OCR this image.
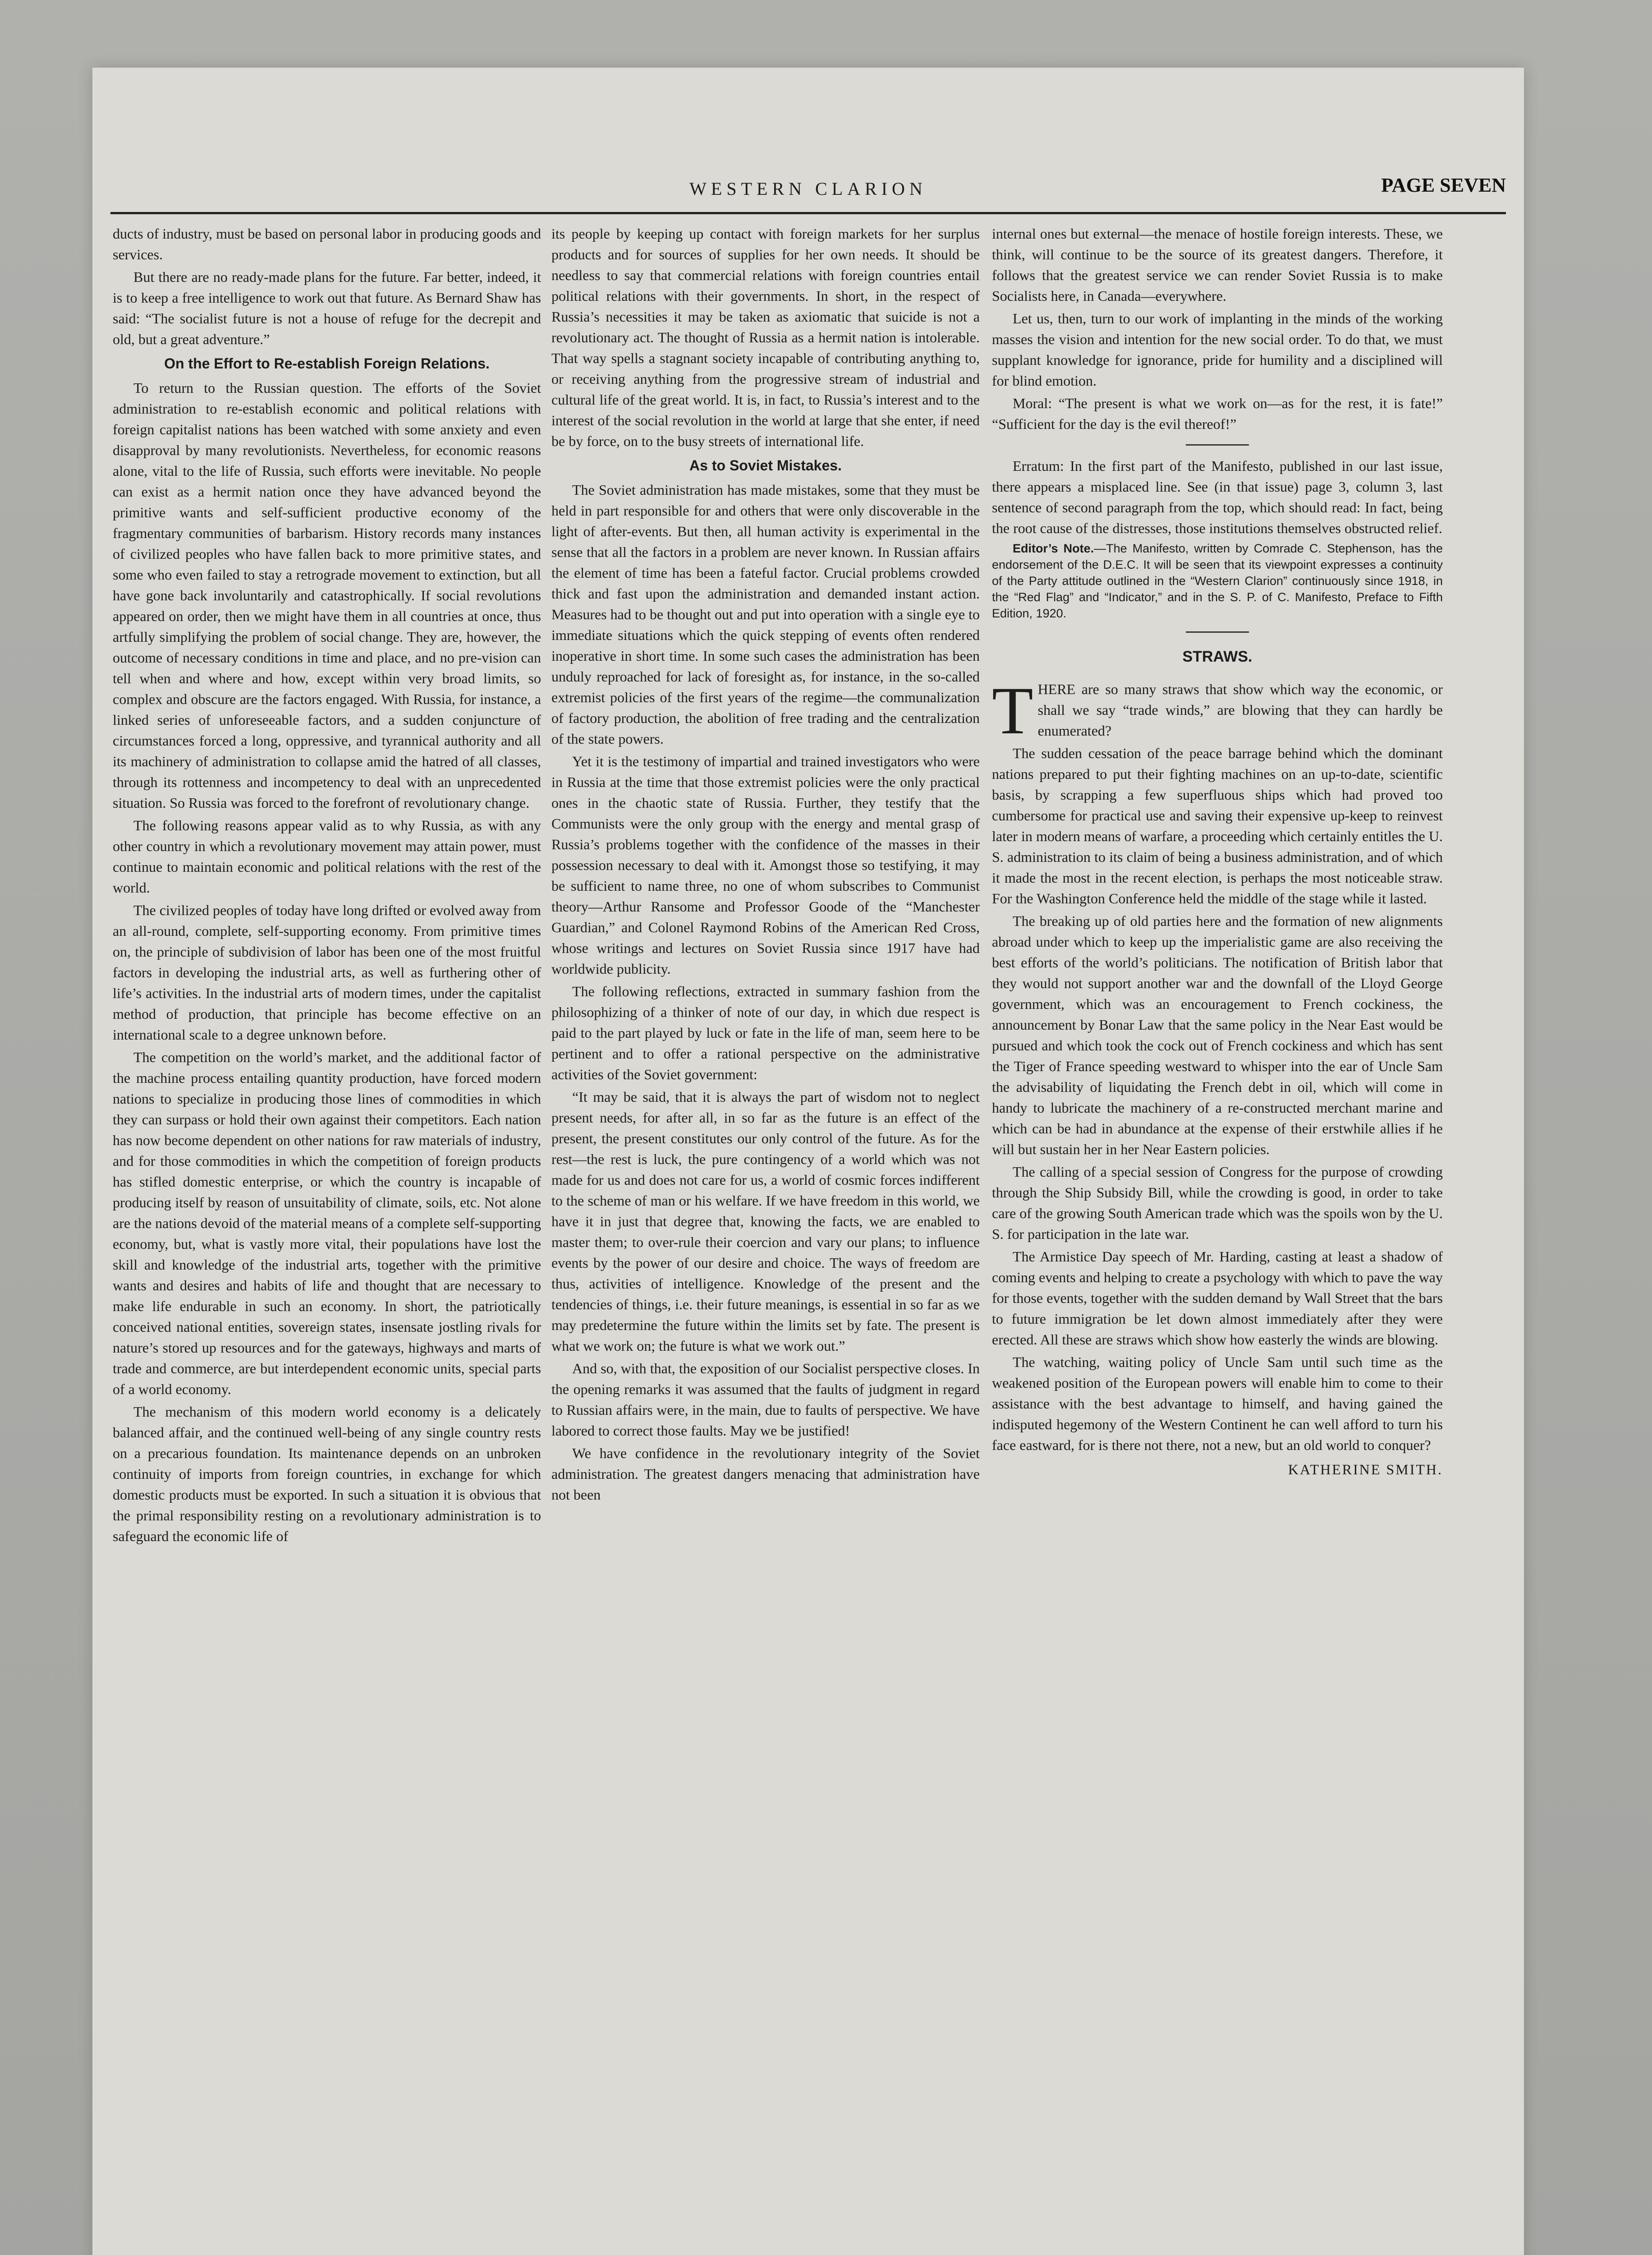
WESTERN CLARION	PAGE SEVEN

ducts of industry, must be based on personal labor in producing goods and services.

But there are no ready-made plans for the future. Far better, indeed, it is to keep a free intelligence to work out that future. As Bernard Shaw has said: “The socialist future is not a house of refuge for the decrepit and old, but a great adventure.”

On the Effort to Re-establish Foreign Relations.

To return to the Russian question. The efforts of the Soviet administration to re-establish economic and political relations with foreign capitalist nations has been watched with some anxiety and even disapproval by many revolutionists. Nevertheless, for economic reasons alone, vital to the life of Russia, such efforts were inevitable. No people can exist as a hermit nation once they have advanced beyond the primitive wants and self-sufficient productive economy of the fragmentary communities of barbarism. History records many instances of civilized peoples who have fallen back to more primitive states, and some who even failed to stay a retrograde movement to extinction, but all have gone back involuntarily and catastrophically. If social revolutions appeared on order, then we might have them in all countries at once, thus artfully simplifying the problem of social change. They are, however, the outcome of necessary conditions in time and place, and no pre-vision can tell when and where and how, except within very broad limits, so complex and obscure are the factors engaged. With Russia, for instance, a linked series of unforeseeable factors, and a sudden conjuncture of circumstances forced a long, oppressive, and tyrannical authority and all its machinery of administration to collapse amid the hatred of all classes, through its rottenness and incompetency to deal with an unprecedented situation. So Russia was forced to the forefront of revolutionary change.

The following reasons appear valid as to why Russia, as with any other country in which a revolutionary movement may attain power, must continue to maintain economic and political relations with the rest of the world.

The civilized peoples of today have long drifted or evolved away from an all-round, complete, self-supporting economy. From primitive times on, the principle of subdivision of labor has been one of the most fruitful factors in developing the industrial arts, as well as furthering other of life’s activities. In the industrial arts of modern times, under the capitalist method of production, that principle has become effective on an international scale to a degree unknown before.

The competition on the world’s market, and the additional factor of the machine process entailing quantity production, have forced modern nations to specialize in producing those lines of commodities in which they can surpass or hold their own against their competitors. Each nation has now become dependent on other nations for raw materials of industry, and for those commodities in which the competition of foreign products has stifled domestic enterprise, or which the country is incapable of producing itself by reason of unsuitability of climate, soils, etc. Not alone are the nations devoid of the material means of a complete self-supporting economy, but, what is vastly more vital, their populations have lost the skill and knowledge of the industrial arts, together with the primitive wants and desires and habits of life and thought that are necessary to make life endurable in such an economy. In short, the patriotically conceived national entities, sovereign states, insensate jostling rivals for nature’s stored up resources and for the gateways, highways and marts of trade and commerce, are but interdependent economic units, special parts of a world economy.

The mechanism of this modern world economy is a delicately balanced affair, and the continued well-being of any single country rests on a precarious foundation. Its maintenance depends on an unbroken continuity of imports from foreign countries, in exchange for which domestic products must be exported. In such a situation it is obvious that the primal responsibility resting on a revolutionary administration is to safeguard the economic life of

its people by keeping up contact with foreign markets for her surplus products and for sources of supplies for her own needs. It should be needless to say that commercial relations with foreign countries entail political relations with their governments. In short, in the respect of Russia’s necessities it may be taken as axiomatic that suicide is not a revolutionary act. The thought of Russia as a hermit nation is intolerable. That way spells a stagnant society incapable of contributing anything to, or receiving anything from the progressive stream of industrial and cultural life of the great world. It is, in fact, to Russia’s interest and to the interest of the social revolution in the world at large that she enter, if need be by force, on to the busy streets of international life.

As to Soviet Mistakes.

The Soviet administration has made mistakes, some that they must be held in part responsible for and others that were only discoverable in the light of after-events. But then, all human activity is experimental in the sense that all the factors in a problem are never known. In Russian affairs the element of time has been a fateful factor. Crucial problems crowded thick and fast upon the administration and demanded instant action. Measures had to be thought out and put into operation with a single eye to immediate situations which the quick stepping of events often rendered inoperative in short time. In some such cases the administration has been unduly reproached for lack of foresight as, for instance, in the so-called extremist policies of the first years of the regime—the communalization of factory production, the abolition of free trading and the centralization of the state powers.

Yet it is the testimony of impartial and trained investigators who were in Russia at the time that those extremist policies were the only practical ones in the chaotic state of Russia. Further, they testify that the Communists were the only group with the energy and mental grasp of Russia’s problems together with the confidence of the masses in their possession necessary to deal with it. Amongst those so testifying, it may be sufficient to name three, no one of whom subscribes to Communist theory—Arthur Ransome and Professor Goode of the “Manchester Guardian,” and Colonel Raymond Robins of the American Red Cross, whose writings and lectures on Soviet Russia since 1917 have had worldwide publicity.

The following reflections, extracted in summary fashion from the philosophizing of a thinker of note of our day, in which due respect is paid to the part played by luck or fate in the life of man, seem here to be pertinent and to offer a rational perspective on the administrative activities of the Soviet government:

“It may be said, that it is always the part of wisdom not to neglect present needs, for after all, in so far as the future is an effect of the present, the present constitutes our only control of the future. As for the rest—the rest is luck, the pure contingency of a world which was not made for us and does not care for us, a world of cosmic forces indifferent to the scheme of man or his welfare. If we have freedom in this world, we have it in just that degree that, knowing the facts, we are enabled to master them; to over-rule their coercion and vary our plans; to influence events by the power of our desire and choice. The ways of freedom are thus, activities of intelligence. Knowledge of the present and the tendencies of things, i.e. their future meanings, is essential in so far as we may predetermine the future within the limits set by fate. The present is what we work on; the future is what we work out.”

And so, with that, the exposition of our Socialist perspective closes. In the opening remarks it was assumed that the faults of judgment in regard to Russian affairs were, in the main, due to faults of perspective. We have labored to correct those faults. May we be justified!

We have confidence in the revolutionary integrity of the Soviet administration. The greatest dangers menacing that administration have not been

internal ones but external—the menace of hostile foreign interests. These, we think, will continue to be the source of its greatest dangers. Therefore, it follows that the greatest service we can render Soviet Russia is to make Socialists here, in Canada—everywhere.

Let us, then, turn to our work of implanting in the minds of the working masses the vision and intention for the new social order. To do that, we must supplant knowledge for ignorance, pride for humility and a disciplined will for blind emotion.

Moral: “The present is what we work on—as for the rest, it is fate!” “Sufficient for the day is the evil thereof!”

Erratum: In the first part of the Manifesto, published in our last issue, there appears a misplaced line. See (in that issue) page 3, column 3, last sentence of second paragraph from the top, which should read: In fact, being the root cause of the distresses, those institutions themselves obstructed relief.

Editor’s Note.—The Manifesto, written by Comrade C. Stephenson, has the endorsement of the D.E.C. It will be seen that its viewpoint expresses a continuity of the Party attitude outlined in the “Western Clarion” continuously since 1918, in the “Red Flag” and “Indicator,” and in the S. P. of C. Manifesto, Preface to Fifth Edition, 1920.

STRAWS.

THERE are so many straws that show which way the economic, or shall we say “trade winds,” are blowing that they can hardly be enumerated?

The sudden cessation of the peace barrage behind which the dominant nations prepared to put their fighting machines on an up-to-date, scientific basis, by scrapping a few superfluous ships which had proved too cumbersome for practical use and saving their expensive up-keep to reinvest later in modern means of warfare, a proceeding which certainly entitles the U. S. administration to its claim of being a business administration, and of which it made the most in the recent election, is perhaps the most noticeable straw. For the Washington Conference held the middle of the stage while it lasted.

The breaking up of old parties here and the formation of new alignments abroad under which to keep up the imperialistic game are also receiving the best efforts of the world’s politicians. The notification of British labor that they would not support another war and the downfall of the Lloyd George government, which was an encouragement to French cockiness, the announcement by Bonar Law that the same policy in the Near East would be pursued and which took the cock out of French cockiness and which has sent the Tiger of France speeding westward to whisper into the ear of Uncle Sam the advisability of liquidating the French debt in oil, which will come in handy to lubricate the machinery of a re-constructed merchant marine and which can be had in abundance at the expense of their erstwhile allies if he will but sustain her in her Near Eastern policies.

The calling of a special session of Congress for the purpose of crowding through the Ship Subsidy Bill, while the crowding is good, in order to take care of the growing South American trade which was the spoils won by the U. S. for participation in the late war.

The Armistice Day speech of Mr. Harding, casting at least a shadow of coming events and helping to create a psychology with which to pave the way for those events, together with the sudden demand by Wall Street that the bars to future immigration be let down almost immediately after they were erected. All these are straws which show how easterly the winds are blowing.

The watching, waiting policy of Uncle Sam until such time as the weakened position of the European powers will enable him to come to their assistance with the best advantage to himself, and having gained the indisputed hegemony of the Western Continent he can well afford to turn his face eastward, for is there not there, not a new, but an old world to conquer?

KATHERINE SMITH.
